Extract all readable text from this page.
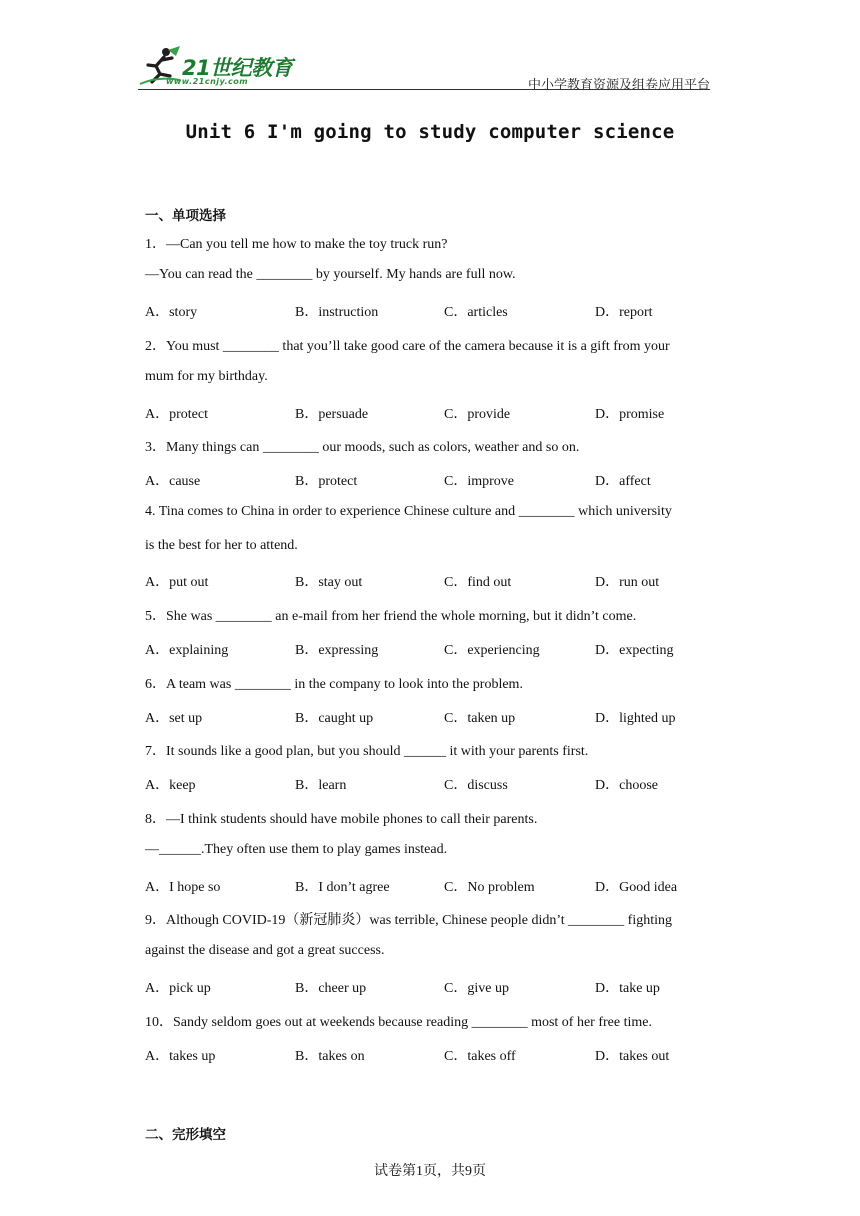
21世纪教育
www.21cnjy.com	中小学教育资源及组卷应用平台
Unit 6 I'm going to study computer science
一、单项选择
1．—Can you tell me how to make the toy truck run?
—You can read the ________ by yourself. My hands are full now.
A．story	B．instruction	C．articles	D．report
2．You must ________ that you’ll take good care of the camera because it is a gift from your
mum for my birthday.
A．protect	B．persuade	C．provide	D．promise
3．Many things can ________ our moods, such as colors, weather and so on.
A．cause	B．protect	C．improve	D．affect
4. Tina comes to China in order to experience Chinese culture and ________ which university
is the best for her to attend.
A．put out	B．stay out	C．find out	D．run out
5．She was ________ an e-mail from her friend the whole morning, but it didn’t come.
A．explaining	B．expressing	C．experiencing	D．expecting
6．A team was ________ in the company to look into the problem.
A．set up	B．caught up	C．taken up	D．lighted up
7．It sounds like a good plan, but you should ______ it with your parents first.
A．keep	B．learn	C．discuss	D．choose
8．—I think students should have mobile phones to call their parents.
—______.They often use them to play games instead.
A．I hope so	B．I don’t agree	C．No problem	D．Good idea
9．Although COVID-19（新冠肺炎）was terrible, Chinese people didn’t ________ fighting
against the disease and got a great success.
A．pick up	B．cheer up	C．give up	D．take up
10．Sandy seldom goes out at weekends because reading ________ most of her free time.
A．takes up	B．takes on	C．takes off	D．takes out
二、完形填空
试卷第1页，共9页
